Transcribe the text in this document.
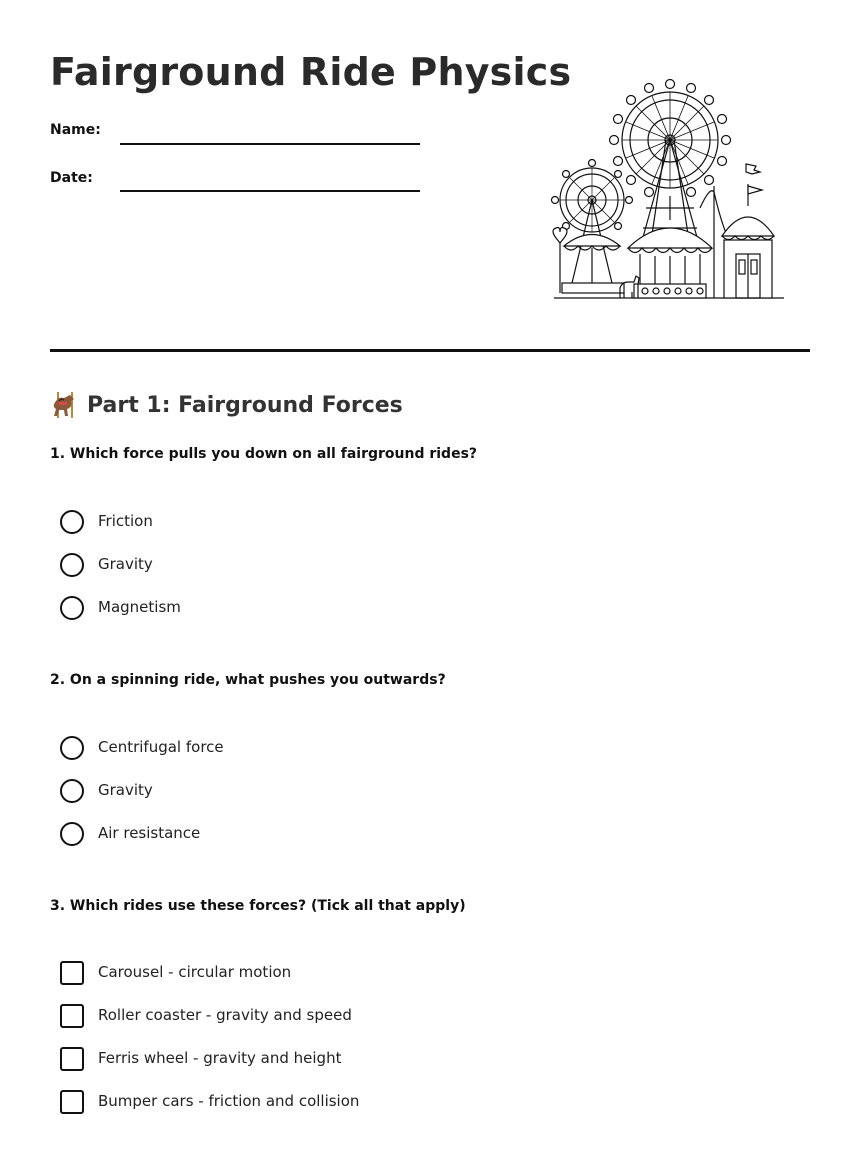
Fairground Ride Physics
Name:
Date:
Part 1: Fairground Forces
1. Which force pulls you down on all fairground rides?
Friction
Gravity
Magnetism
2. On a spinning ride, what pushes you outwards?
Centrifugal force
Gravity
Air resistance
3. Which rides use these forces? (Tick all that apply)
Carousel - circular motion
Roller coaster - gravity and speed
Ferris wheel - gravity and height
Bumper cars - friction and collision
